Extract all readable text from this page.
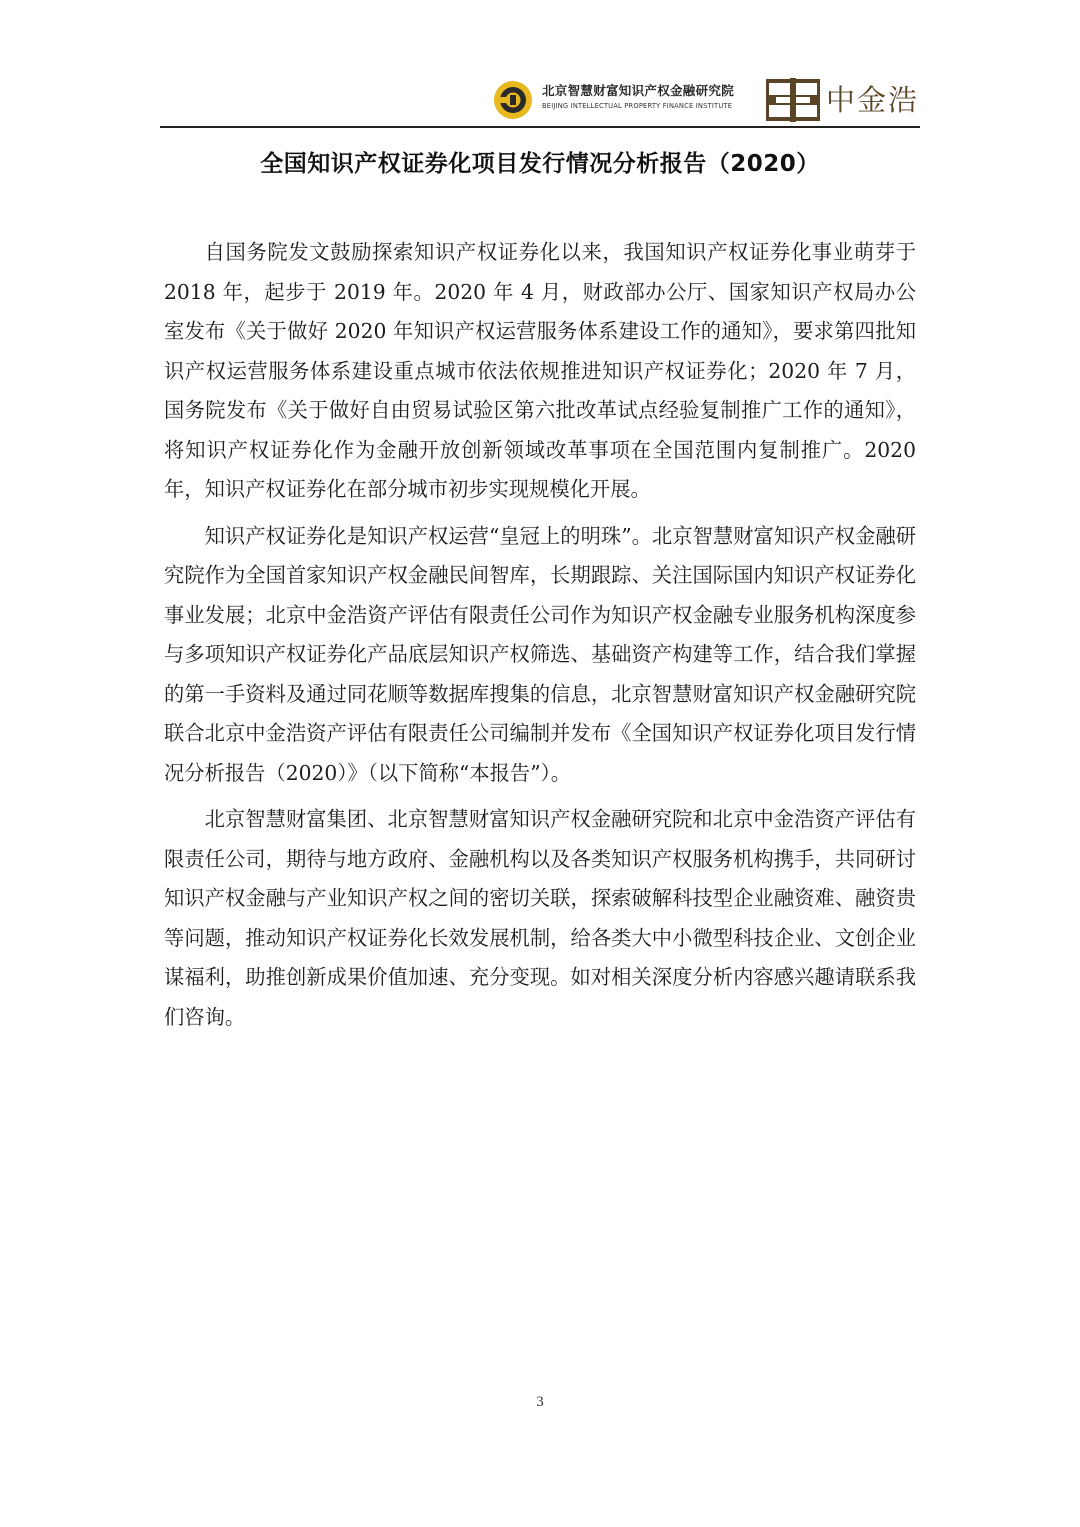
北京智慧财富知识产权金融研究院
BEIJING INTELLECTUAL PROPERTY FINANCE INSTITUTE	中金浩
全国知识产权证券化项目发行情况分析报告（2020）

自国务院发文鼓励探索知识产权证券化以来，我国知识产权证券化事业萌芽于 2018 年，起步于 2019 年。2020 年 4 月，财政部办公厅、国家知识产权局办公室发布《关于做好 2020 年知识产权运营服务体系建设工作的通知》，要求第四批知识产权运营服务体系建设重点城市依法依规推进知识产权证券化；2020 年 7 月，国务院发布《关于做好自由贸易试验区第六批改革试点经验复制推广工作的通知》，将知识产权证券化作为金融开放创新领域改革事项在全国范围内复制推广。2020 年，知识产权证券化在部分城市初步实现规模化开展。

知识产权证券化是知识产权运营“皇冠上的明珠”。北京智慧财富知识产权金融研究院作为全国首家知识产权金融民间智库，长期跟踪、关注国际国内知识产权证券化事业发展；北京中金浩资产评估有限责任公司作为知识产权金融专业服务机构深度参与多项知识产权证券化产品底层知识产权筛选、基础资产构建等工作，结合我们掌握的第一手资料及通过同花顺等数据库搜集的信息，北京智慧财富知识产权金融研究院联合北京中金浩资产评估有限责任公司编制并发布《全国知识产权证券化项目发行情况分析报告（2020）》（以下简称“本报告”）。

北京智慧财富集团、北京智慧财富知识产权金融研究院和北京中金浩资产评估有限责任公司，期待与地方政府、金融机构以及各类知识产权服务机构携手，共同研讨知识产权金融与产业知识产权之间的密切关联，探索破解科技型企业融资难、融资贵等问题，推动知识产权证券化长效发展机制，给各类大中小微型科技企业、文创企业谋福利，助推创新成果价值加速、充分变现。如对相关深度分析内容感兴趣请联系我们咨询。

3
